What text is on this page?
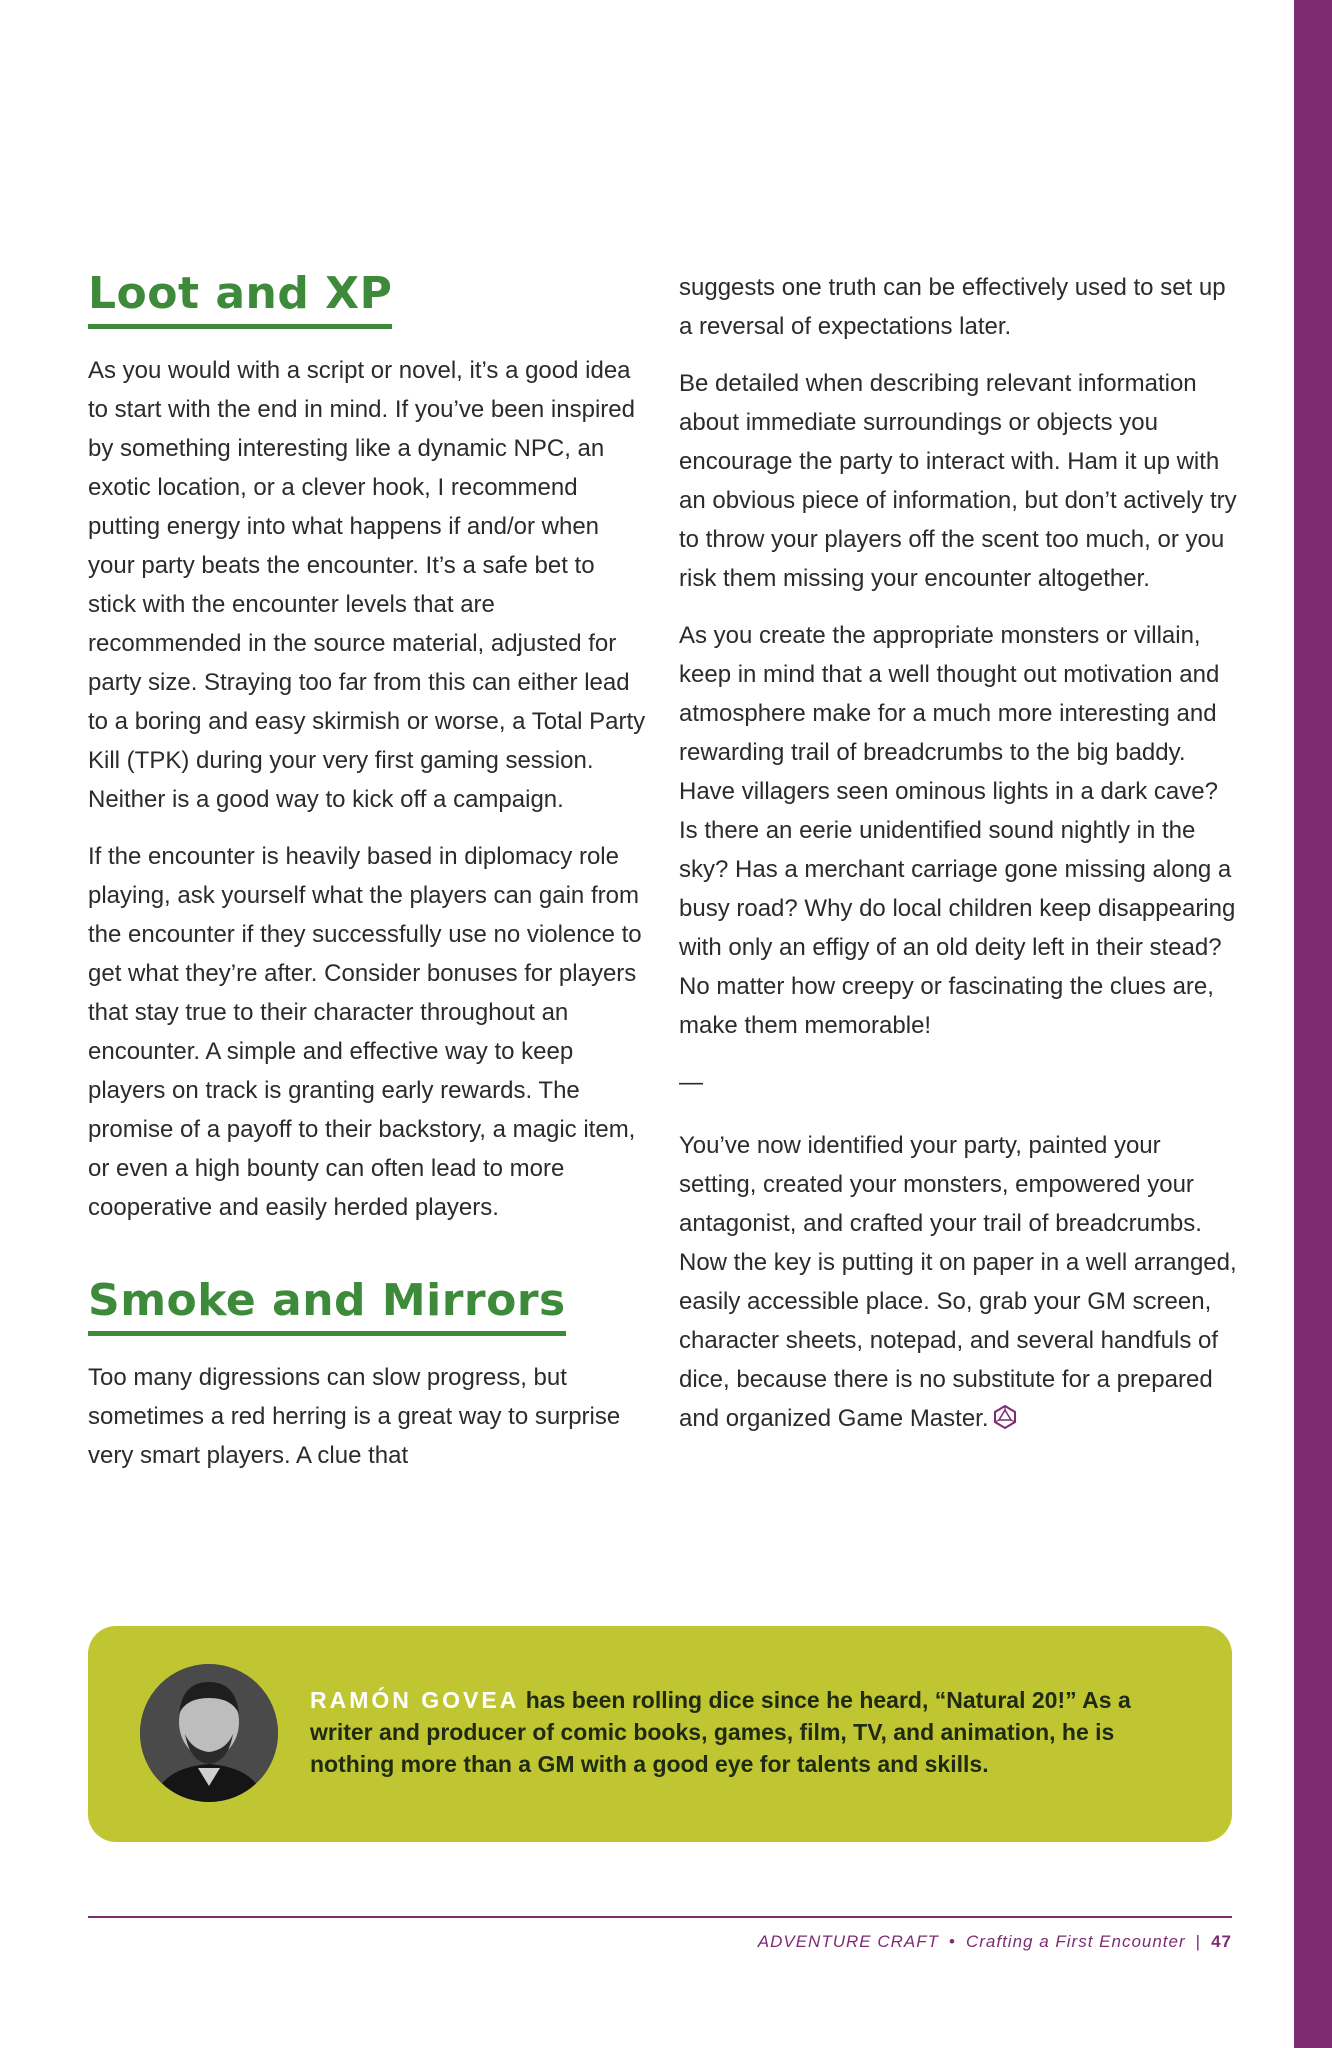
Loot and XP

As you would with a script or novel, it’s a good idea to start with the end in mind. If you’ve been inspired by something interesting like a dynamic NPC, an exotic location, or a clever hook, I recommend putting energy into what happens if and/or when your party beats the encounter. It’s a safe bet to stick with the encounter levels that are recommended in the source material, adjusted for party size. Straying too far from this can either lead to a boring and easy skirmish or worse, a Total Party Kill (TPK) during your very first gaming session. Neither is a good way to kick off a campaign.

If the encounter is heavily based in diplomacy role playing, ask yourself what the players can gain from the encounter if they successfully use no violence to get what they’re after. Consider bonuses for players that stay true to their character throughout an encounter. A simple and effective way to keep players on track is granting early rewards. The promise of a payoff to their backstory, a magic item, or even a high bounty can often lead to more cooperative and easily herded players.

Smoke and Mirrors

Too many digressions can slow progress, but sometimes a red herring is a great way to surprise very smart players. A clue that

suggests one truth can be effectively used to set up a reversal of expectations later.

Be detailed when describing relevant information about immediate surroundings or objects you encourage the party to interact with. Ham it up with an obvious piece of information, but don’t actively try to throw your players off the scent too much, or you risk them missing your encounter altogether.

As you create the appropriate monsters or villain, keep in mind that a well thought out motivation and atmosphere make for a much more interesting and rewarding trail of breadcrumbs to the big baddy. Have villagers seen ominous lights in a dark cave? Is there an eerie unidentified sound nightly in the sky? Has a merchant carriage gone missing along a busy road? Why do local children keep disappearing with only an effigy of an old deity left in their stead? No matter how creepy or fascinating the clues are, make them memorable!

—

You’ve now identified your party, painted your setting, created your monsters, empowered your antagonist, and crafted your trail of breadcrumbs. Now the key is putting it on paper in a well arranged, easily accessible place. So, grab your GM screen, character sheets, notepad, and several handfuls of dice, because there is no substitute for a prepared and organized Game Master.

RAMÓN GOVEA has been rolling dice since he heard, “Natural 20!” As a writer and producer of comic books, games, film, TV, and animation, he is nothing more than a GM with a good eye for talents and skills.
ADVENTURE CRAFT • Crafting a First Encounter | 47
